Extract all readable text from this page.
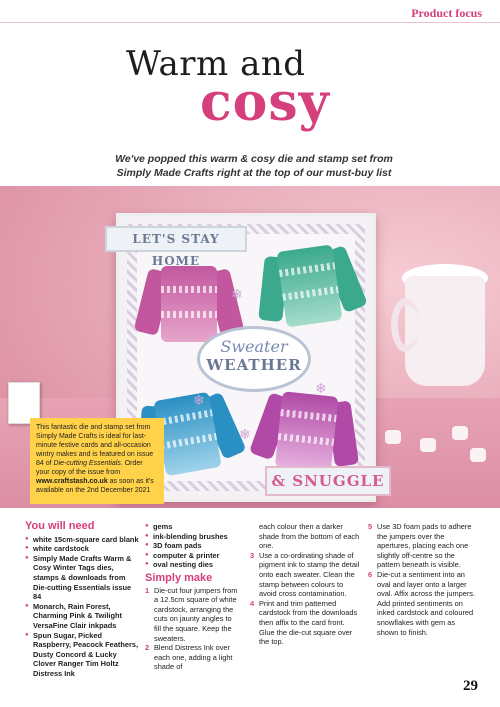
Product focus
Warm and
cosy
We've popped this warm & cosy die and stamp set from Simply Made Crafts right at the top of our must-buy list
❄
❄
❄
❄
LET'S STAY HOME
Sweater
WEATHER
& SNUGGLE
This fantastic die and stamp set from Simply Made Crafts is ideal for last-minute festive cards and all-occasion wintry makes and is featured on issue 84 of Die-cutting Essentials. Order your copy of the issue from www.craftstash.co.uk as soon as it's available on the 2nd December 2021
You will need
● white 15cm-square card blank
● white cardstock
● Simply Made Crafts Warm & Cosy Winter Tags dies, stamps & downloads from Die-cutting Essentials issue 84
● Monarch, Rain Forest, Charming Pink & Twilight VersaFine Clair inkpads
● Spun Sugar, Picked Raspberry, Peacock Feathers, Dusty Concord & Lucky Clover Ranger Tim Holtz Distress Ink
● gems
● ink-blending brushes
● 3D foam pads
● computer & printer
● oval nesting dies
Simply make
1 Die-cut four jumpers from a 12.5cm square of white cardstock, arranging the cuts on jaunty angles to fill the square. Keep the sweaters.
2 Blend Distress Ink over each one, adding a light shade of
each colour then a darker shade from the bottom of each one.
3 Use a co-ordinating shade of pigment ink to stamp the detail onto each sweater. Clean the stamp between colours to avoid cross contamination.
4 Print and trim patterned cardstock from the downloads then affix to the card front. Glue the die-cut square over the top.
5 Use 3D foam pads to adhere the jumpers over the apertures, placing each one slightly off-centre so the pattern beneath is visible.
6 Die-cut a sentiment into an oval and layer onto a larger oval. Affix across the jumpers. Add printed sentiments on inked cardstock and coloured snowflakes with gem as shown to finish.
29
